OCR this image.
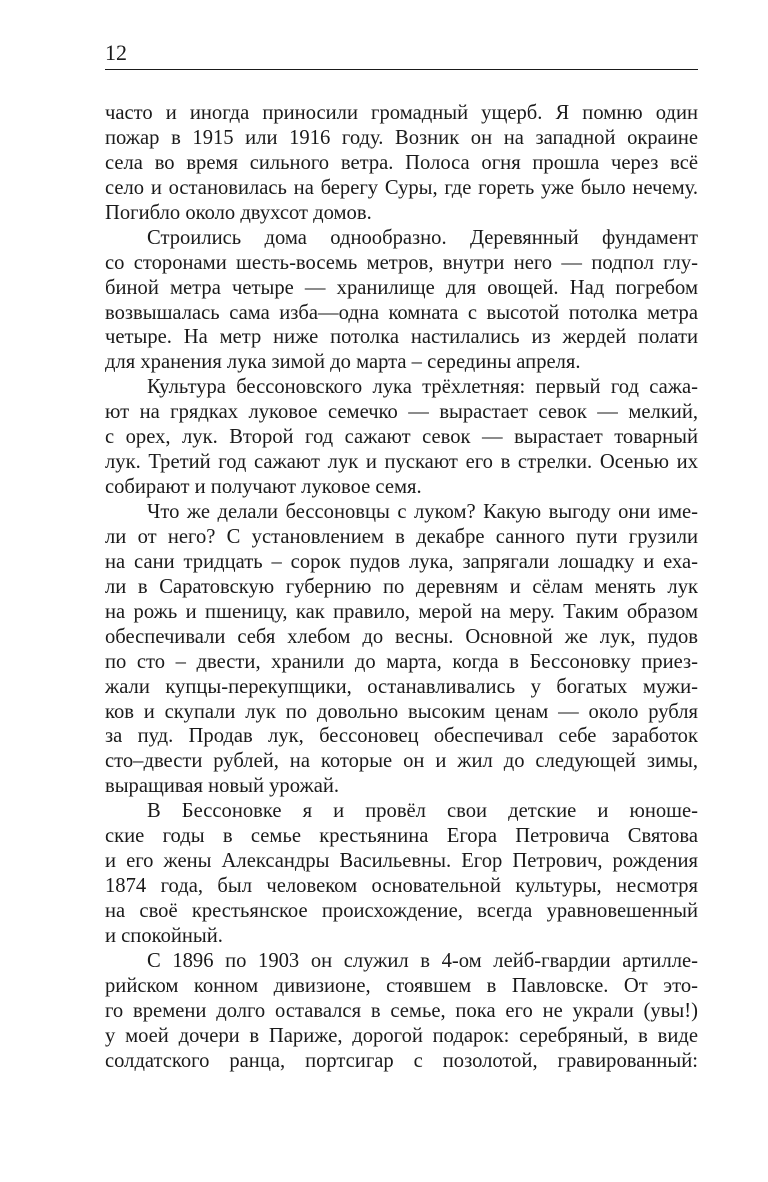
12
часто и иногда приносили громадный ущерб. Я помню один
пожар в 1915 или 1916 году. Возник он на западной окраине
села во время сильного ветра. Полоса огня прошла через всё
село и остановилась на берегу Суры, где гореть уже было нечему.
Погибло около двухсот домов.
Строились дома однообразно. Деревянный фундамент
со сторонами шесть-восемь метров, внутри него — подпол глу-
биной метра четыре — хранилище для овощей. Над погребом
возвышалась сама изба—одна комната с высотой потолка метра
четыре. На метр ниже потолка настилались из жердей полати
для хранения лука зимой до марта – середины апреля.
Культура бессоновского лука трёхлетняя: первый год сажа-
ют на грядках луковое семечко — вырастает севок — мелкий,
с орех, лук. Второй год сажают севок — вырастает товарный
лук. Третий год сажают лук и пускают его в стрелки. Осенью их
собирают и получают луковое семя.
Что же делали бессоновцы с луком? Какую выгоду они име-
ли от него? С установлением в декабре санного пути грузили
на сани тридцать – сорок пудов лука, запрягали лошадку и еха-
ли в Саратовскую губернию по деревням и сёлам менять лук
на рожь и пшеницу, как правило, мерой на меру. Таким образом
обеспечивали себя хлебом до весны. Основной же лук, пудов
по сто – двести, хранили до марта, когда в Бессоновку приез-
жали купцы-перекупщики, останавливались у богатых мужи-
ков и скупали лук по довольно высоким ценам — около рубля
за пуд. Продав лук, бессоновец обеспечивал себе заработок
сто–двести рублей, на которые он и жил до следующей зимы,
выращивая новый урожай.
В Бессоновке я и провёл свои детские и юноше-
ские годы в семье крестьянина Егора Петровича Святова
и его жены Александры Васильевны. Егор Петрович, рождения
1874 года, был человеком основательной культуры, несмотря
на своё крестьянское происхождение, всегда уравновешенный
и спокойный.
С 1896 по 1903 он служил в 4-ом лейб-гвардии артилле-
рийском конном дивизионе, стоявшем в Павловске. От это-
го времени долго оставался в семье, пока его не украли (увы!)
у моей дочери в Париже, дорогой подарок: серебряный, в виде
солдатского ранца, портсигар с позолотой, гравированный:
